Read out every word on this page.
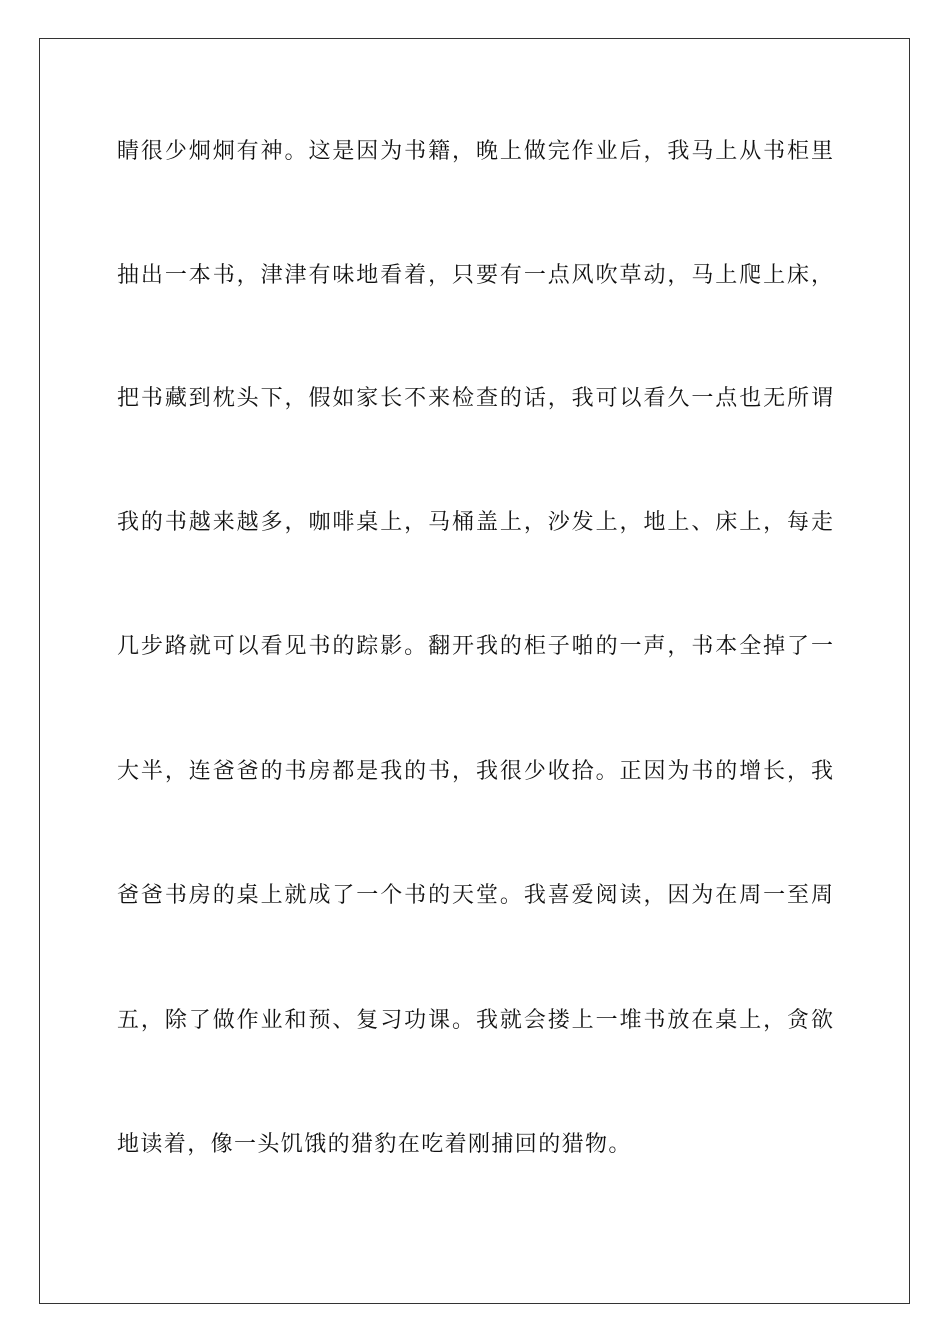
睛很少炯炯有神。这是因为书籍，晚上做完作业后，我马上从书柜里

抽出一本书，津津有味地看着，只要有一点风吹草动，马上爬上床，

把书藏到枕头下，假如家长不来检查的话，我可以看久一点也无所谓

我的书越来越多，咖啡桌上，马桶盖上，沙发上，地上、床上，每走

几步路就可以看见书的踪影。翻开我的柜子啪的一声，书本全掉了一

大半，连爸爸的书房都是我的书，我很少收拾。正因为书的增长，我

爸爸书房的桌上就成了一个书的天堂。我喜爱阅读，因为在周一至周

五，除了做作业和预、复习功课。我就会搂上一堆书放在桌上，贪欲

地读着，像一头饥饿的猎豹在吃着刚捕回的猎物。
